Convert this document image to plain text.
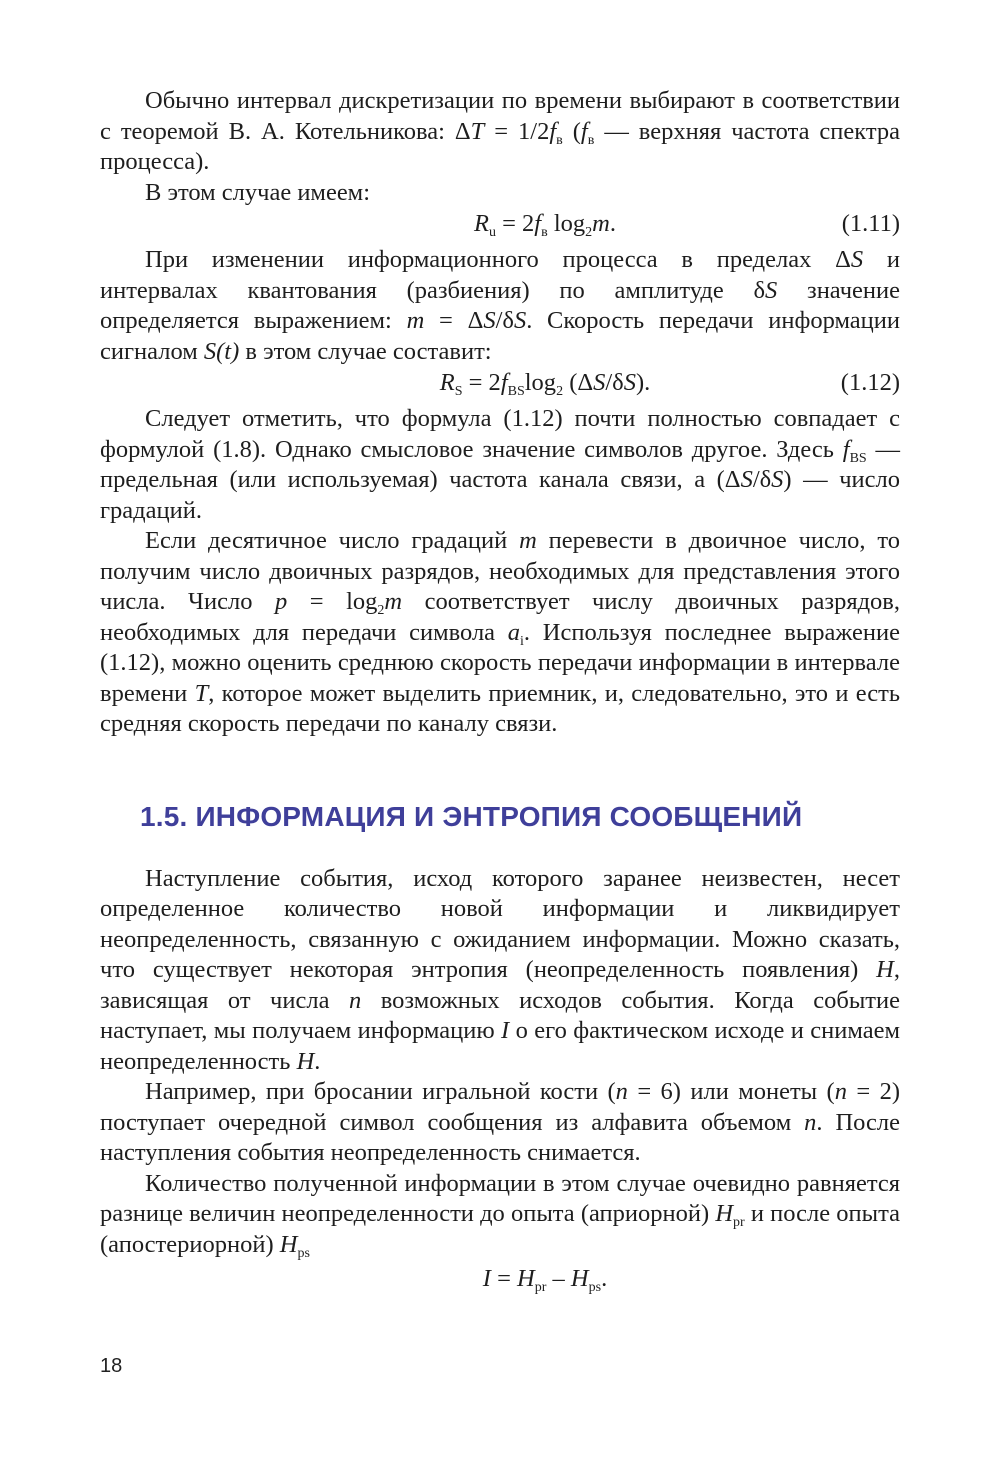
Обычно интервал дискретизации по времени выбирают в соответствии с теоремой В. А. Котельникова: $\Delta T = 1/2f_в$ ($f_в$ — верхняя частота спектра процесса).

В этом случае имеем:

$R_u = 2f_в$ $\log_2m$.	(1.11)

При изменении информационного процесса в пределах ΔS и интервалах квантования (разбиения) по амплитуде δS значение определяется выражением: m = ΔS/δS. Скорость передачи информации сигналом S(t) в этом случае составит:

$R_S = 2f_{BS}\log_2$ (ΔS/δS).	(1.12)

Следует отметить, что формула (1.12) почти полностью совпадает с формулой (1.8). Однако смысловое значение символов другое. Здесь $f_{BS}$ — предельная (или используемая) частота канала связи, а (ΔS/δS) — число градаций.

Если десятичное число градаций m перевести в двоичное число, то получим число двоичных разрядов, необходимых для представления этого числа. Число $p = \log_2m$ соответствует числу двоичных разрядов, необходимых для передачи символа $a_i$. Используя последнее выражение (1.12), можно оценить среднюю скорость передачи информации в интервале времени T, которое может выделить приемник, и, следовательно, это и есть средняя скорость передачи по каналу связи.

1.5. ИНФОРМАЦИЯ И ЭНТРОПИЯ СООБЩЕНИЙ

Наступление события, исход которого заранее неизвестен, несет определенное количество новой информации и ликвидирует неопределенность, связанную с ожиданием информации. Можно сказать, что существует некоторая энтропия (неопределенность появления) H, зависящая от числа n возможных исходов события. Когда событие наступает, мы получаем информацию I о его фактическом исходе и снимаем неопределенность H.

Например, при бросании игральной кости (n = 6) или монеты (n = 2) поступает очередной символ сообщения из алфавита объемом n. После наступления события неопределенность снимается.

Количество полученной информации в этом случае очевидно равняется разнице величин неопределенности до опыта (априорной) $H_{pr}$ и после опыта (апостериорной) $H_{ps}$

$I = H_{pr} - H_{ps}$.
18
